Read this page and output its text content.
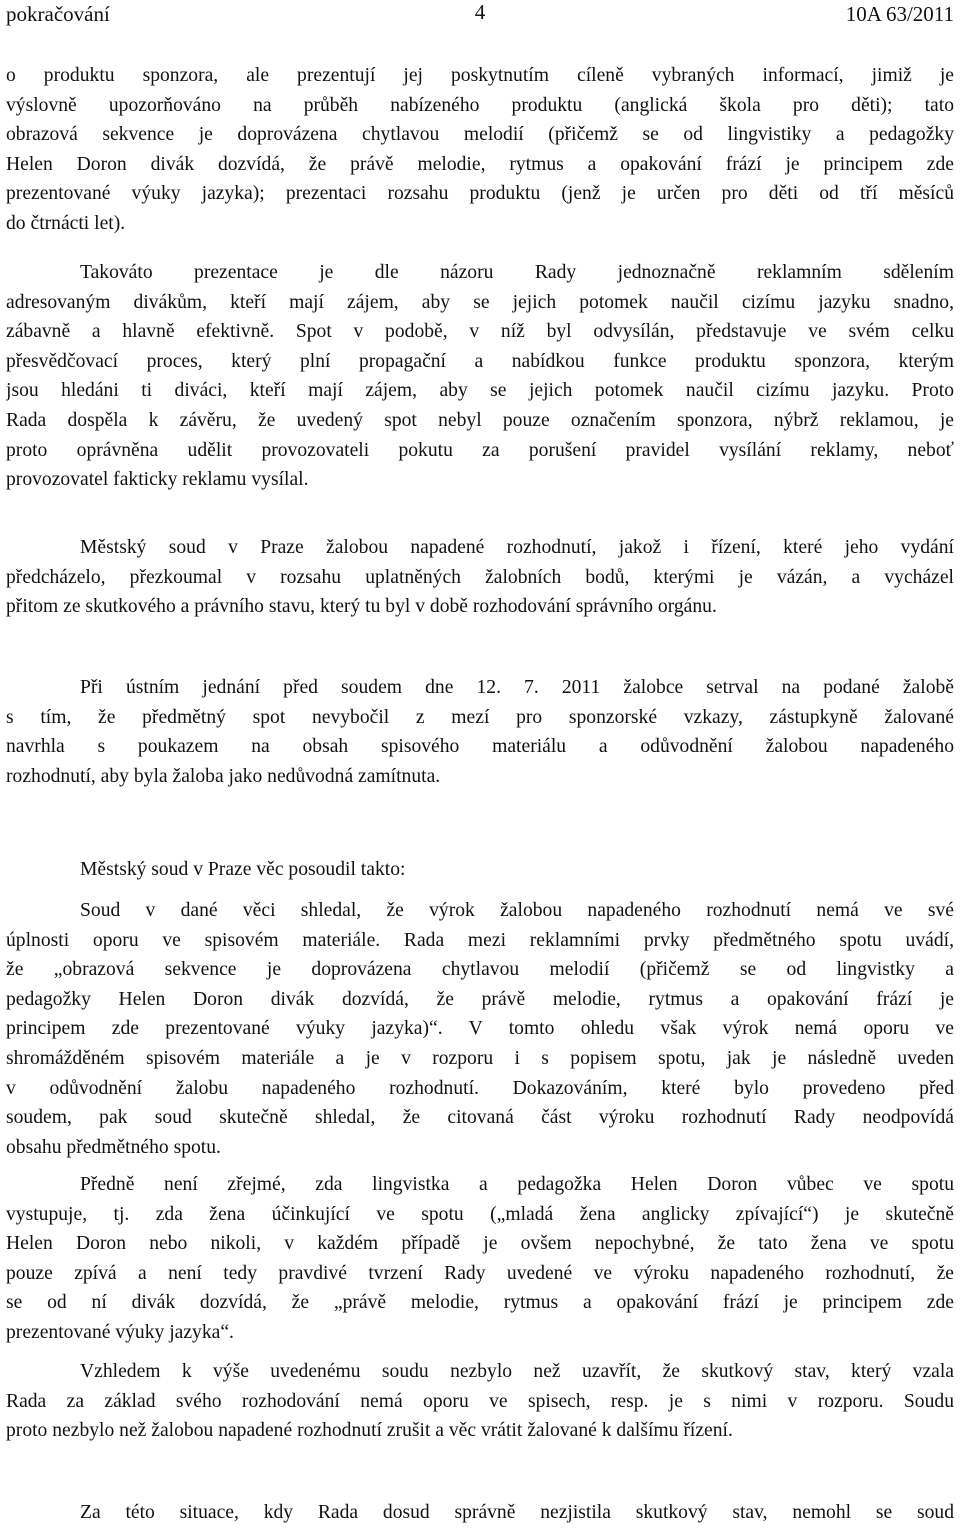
pokračování	4	10A 63/2011

o produktu sponzora, ale prezentují jej poskytnutím cíleně vybraných informací, jimiž je
výslovně upozorňováno na průběh nabízeného produktu (anglická škola pro děti); tato
obrazová sekvence je doprovázena chytlavou melodií (přičemž se od lingvistiky a pedagožky
Helen Doron divák dozvídá, že právě melodie, rytmus a opakování frází je principem zde
prezentované výuky jazyka); prezentaci rozsahu produktu (jenž je určen pro děti od tří měsíců
do čtrnácti let).

Takováto prezentace je dle názoru Rady jednoznačně reklamním sdělením
adresovaným divákům, kteří mají zájem, aby se jejich potomek naučil cizímu jazyku snadno,
zábavně a hlavně efektivně. Spot v podobě, v níž byl odvysílán, představuje ve svém celku
přesvědčovací proces, který plní propagační a nabídkou funkce produktu sponzora, kterým
jsou hledáni ti diváci, kteří mají zájem, aby se jejich potomek naučil cizímu jazyku. Proto
Rada dospěla k závěru, že uvedený spot nebyl pouze označením sponzora, nýbrž reklamou, je
proto oprávněna udělit provozovateli pokutu za porušení pravidel vysílání reklamy, neboť
provozovatel fakticky reklamu vysílal.

Městský soud v Praze žalobou napadené rozhodnutí, jakož i řízení, které jeho vydání
předcházelo, přezkoumal v rozsahu uplatněných žalobních bodů, kterými je vázán, a vycházel
přitom ze skutkového a právního stavu, který tu byl v době rozhodování správního orgánu.

Při ústním jednání před soudem dne 12. 7. 2011 žalobce setrval na podané žalobě
s tím, že předmětný spot nevybočil z mezí pro sponzorské vzkazy, zástupkyně žalované
navrhla s poukazem na obsah spisového materiálu a odůvodnění žalobou napadeného
rozhodnutí, aby byla žaloba jako nedůvodná zamítnuta.

Městský soud v Praze věc posoudil takto:

Soud v dané věci shledal, že výrok žalobou napadeného rozhodnutí nemá ve své
úplnosti oporu ve spisovém materiále. Rada mezi reklamními prvky předmětného spotu uvádí,
že „obrazová sekvence je doprovázena chytlavou melodií (přičemž se od lingvistky a
pedagožky Helen Doron divák dozvídá, že právě melodie, rytmus a opakování frází je
principem zde prezentované výuky jazyka)“. V tomto ohledu však výrok nemá oporu ve
shromážděném spisovém materiále a je v rozporu i s popisem spotu, jak je následně uveden
v odůvodnění žalobu napadeného rozhodnutí. Dokazováním, které bylo provedeno před
soudem, pak soud skutečně shledal, že citovaná část výroku rozhodnutí Rady neodpovídá
obsahu předmětného spotu.

Předně není zřejmé, zda lingvistka a pedagožka Helen Doron vůbec ve spotu
vystupuje, tj. zda žena účinkující ve spotu („mladá žena anglicky zpívající“) je skutečně
Helen Doron nebo nikoli, v každém případě je ovšem nepochybné, že tato žena ve spotu
pouze zpívá a není tedy pravdivé tvrzení Rady uvedené ve výroku napadeného rozhodnutí, že
se od ní divák dozvídá, že „právě melodie, rytmus a opakování frází je principem zde
prezentované výuky jazyka“.

Vzhledem k výše uvedenému soudu nezbylo než uzavřít, že skutkový stav, který vzala
Rada za základ svého rozhodování nemá oporu ve spisech, resp. je s nimi v rozporu. Soudu
proto nezbylo než žalobou napadené rozhodnutí zrušit a věc vrátit žalované k dalšímu řízení.

Za této situace, kdy Rada dosud správně nezjistila skutkový stav, nemohl se soud
